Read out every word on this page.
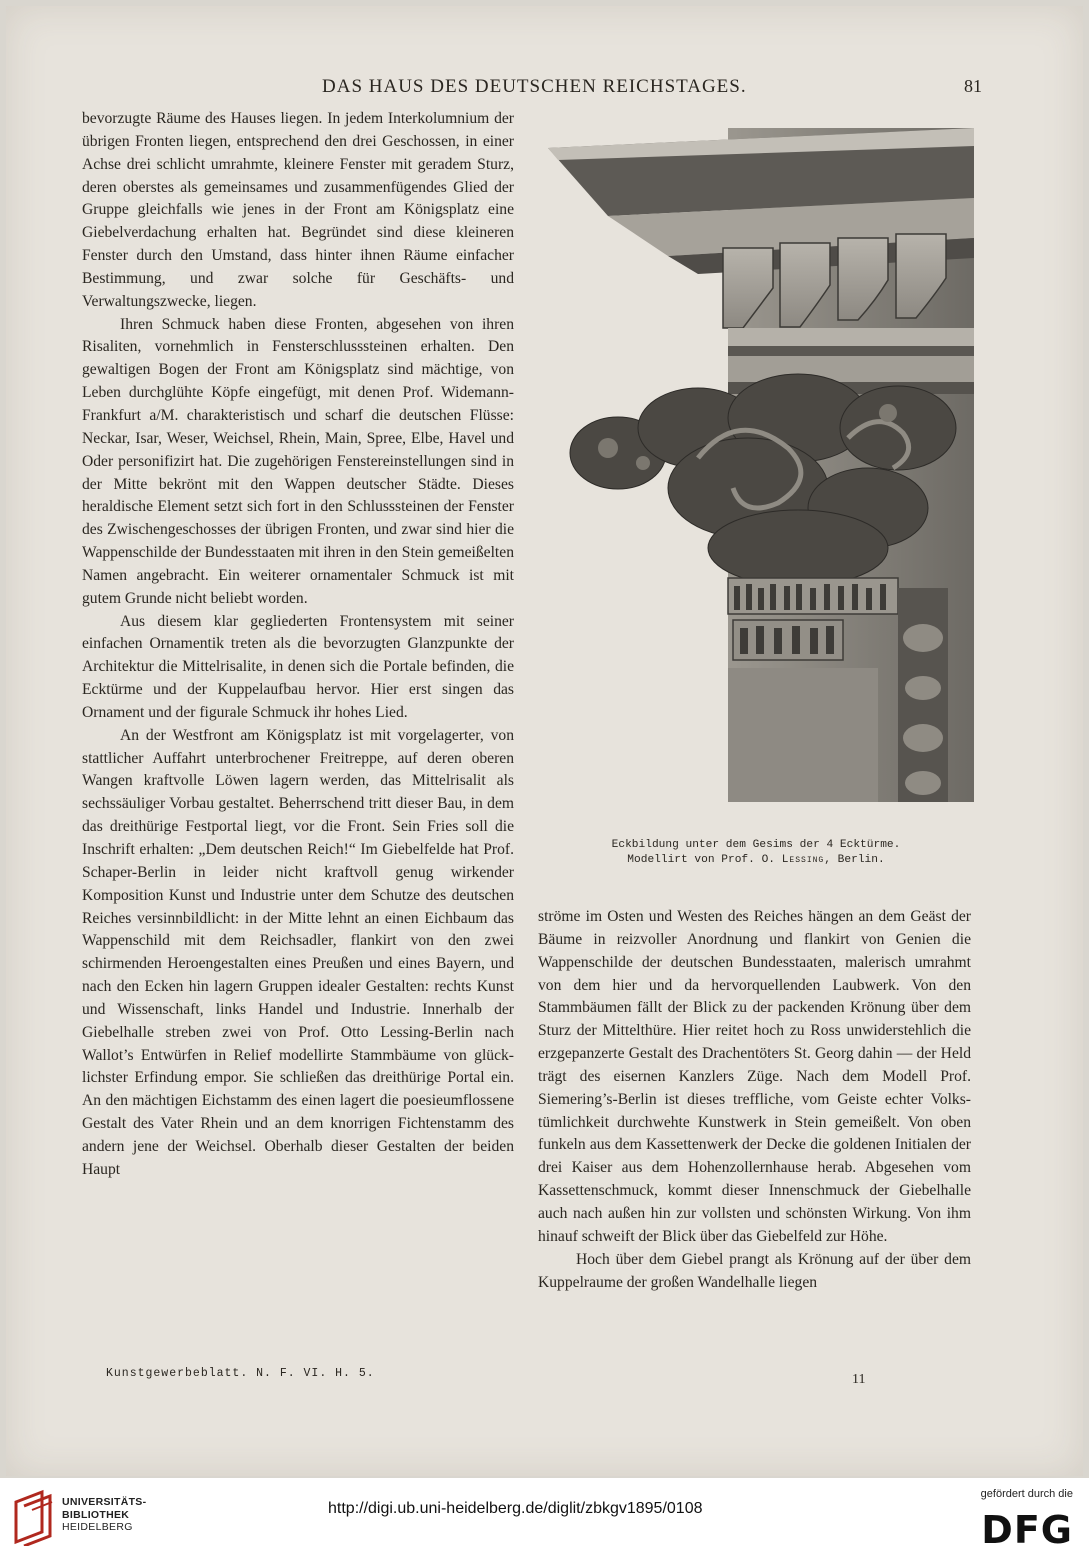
DAS HAUS DES DEUTSCHEN REICHSTAGES.	81

bevorzugte Räume des Hauses liegen. In jedem Interkolumnium der übrigen Fronten liegen, entsprechend den drei Geschossen, in einer Achse drei schlicht umrahmte, kleinere Fenster mit geradem Sturz, deren oberstes als gemeinsames und zusammenfügendes Glied der Gruppe gleichfalls wie jenes in der Front am Königsplatz eine Giebelverdachung erhalten hat. Begründet sind diese kleineren Fenster durch den Umstand, dass hinter ihnen Räume einfacher Bestimmung, und zwar solche für Geschäfts- und Verwaltungszwecke, liegen.

Ihren Schmuck haben diese Fronten, abgesehen von ihren Risaliten, vornehmlich in Fensterschlusssteinen erhalten. Den gewaltigen Bogen der Front am Königsplatz sind mächtige, von Leben durchglühte Köpfe eingefügt, mit denen Prof. Widemann-Frankfurt a/M. charakteristisch und scharf die deutschen Flüsse: Neckar, Isar, Weser, Weichsel, Rhein, Main, Spree, Elbe, Havel und Oder personifizirt hat. Die zugehörigen Fenstereinstellungen sind in der Mitte bekrönt mit den Wappen deutscher Städte. Dieses heraldische Element setzt sich fort in den Schlusssteinen der Fenster des Zwischengeschosses der übrigen Fronten, und zwar sind hier die Wappenschilde der Bundesstaaten mit ihren in den Stein gemeißelten Namen angebracht. Ein weiterer ornamentaler Schmuck ist mit gutem Grunde nicht beliebt worden.

Aus diesem klar gegliederten Frontensystem mit seiner einfachen Ornamentik treten als die bevorzugten Glanzpunkte der Architektur die Mittelrisalite, in denen sich die Portale befinden, die Ecktürme und der Kuppelaufbau hervor. Hier erst singen das Ornament und der figurale Schmuck ihr hohes Lied.

An der Westfront am Königsplatz ist mit vorgelagerter, von stattlicher Auffahrt unterbrochener Freitreppe, auf deren oberen Wangen kraftvolle Löwen lagern werden, das Mittelrisalit als sechssäuliger Vorbau gestaltet. Beherrschend tritt dieser Bau, in dem das dreithürige Festportal liegt, vor die Front. Sein Fries soll die Inschrift erhalten: „Dem deutschen Reich!“ Im Giebelfelde hat Prof. Schaper-Berlin in leider nicht kraftvoll genug wirkender Komposition Kunst und Industrie unter dem Schutze des deutschen Reiches versinnbildlicht: in der Mitte lehnt an einen Eichbaum das Wappenschild mit dem Reichsadler, flankirt von den zwei schirmenden Heroengestalten eines Preußen und eines Bayern, und nach den Ecken hin lagern Gruppen idealer Gestalten: rechts Kunst und Wissenschaft, links Handel und Industrie. Innerhalb der Giebelhalle streben zwei von Prof. Otto Lessing-Berlin nach Wallot’s Entwürfen in Relief modellirte Stammbäume von glücklichster Erfindung empor. Sie schließen das dreithürige Portal ein. An den mächtigen Eichstamm des einen lagert die poesieumflossene Gestalt des Vater Rhein und an dem knorrigen Fichtenstamm des andern jene der Weichsel. Oberhalb dieser Gestalten der beiden Haupt

Eckbildung unter dem Gesims der 4 Ecktürme.
Modellirt von Prof. O. Lessing, Berlin.

ströme im Osten und Westen des Reiches hängen an dem Geäst der Bäume in reizvoller Anordnung und flankirt von Genien die Wappenschilde der deutschen Bundesstaaten, malerisch umrahmt von dem hier und da hervorquellenden Laubwerk. Von den Stammbäumen fällt der Blick zu der packenden Krönung über dem Sturz der Mittelthüre. Hier reitet hoch zu Ross unwiderstehlich die erzgepanzerte Gestalt des Drachentöters St. Georg dahin — der Held trägt des eisernen Kanzlers Züge. Nach dem Modell Prof. Siemering’s-Berlin ist dieses treffliche, vom Geiste echter Volkstümlichkeit durchwehte Kunstwerk in Stein gemeißelt. Von oben funkeln aus dem Kassettenwerk der Decke die goldenen Initialen der drei Kaiser aus dem Hohenzollernhause herab. Abgesehen vom Kassettenschmuck, kommt dieser Innenschmuck der Giebelhalle auch nach außen hin zur vollsten und schönsten Wirkung. Von ihm hinauf schweift der Blick über das Giebelfeld zur Höhe.

Hoch über dem Giebel prangt als Krönung auf der über dem Kuppelraume der großen Wandelhalle liegen

Kunstgewerbeblatt. N. F. VI. H. 5.	11
UNIVERSITÄTS-
BIBLIOTHEK
HEIDELBERG
http://digi.ub.uni-heidelberg.de/diglit/zbkgv1895/0108
gefördert durch die
DFG
